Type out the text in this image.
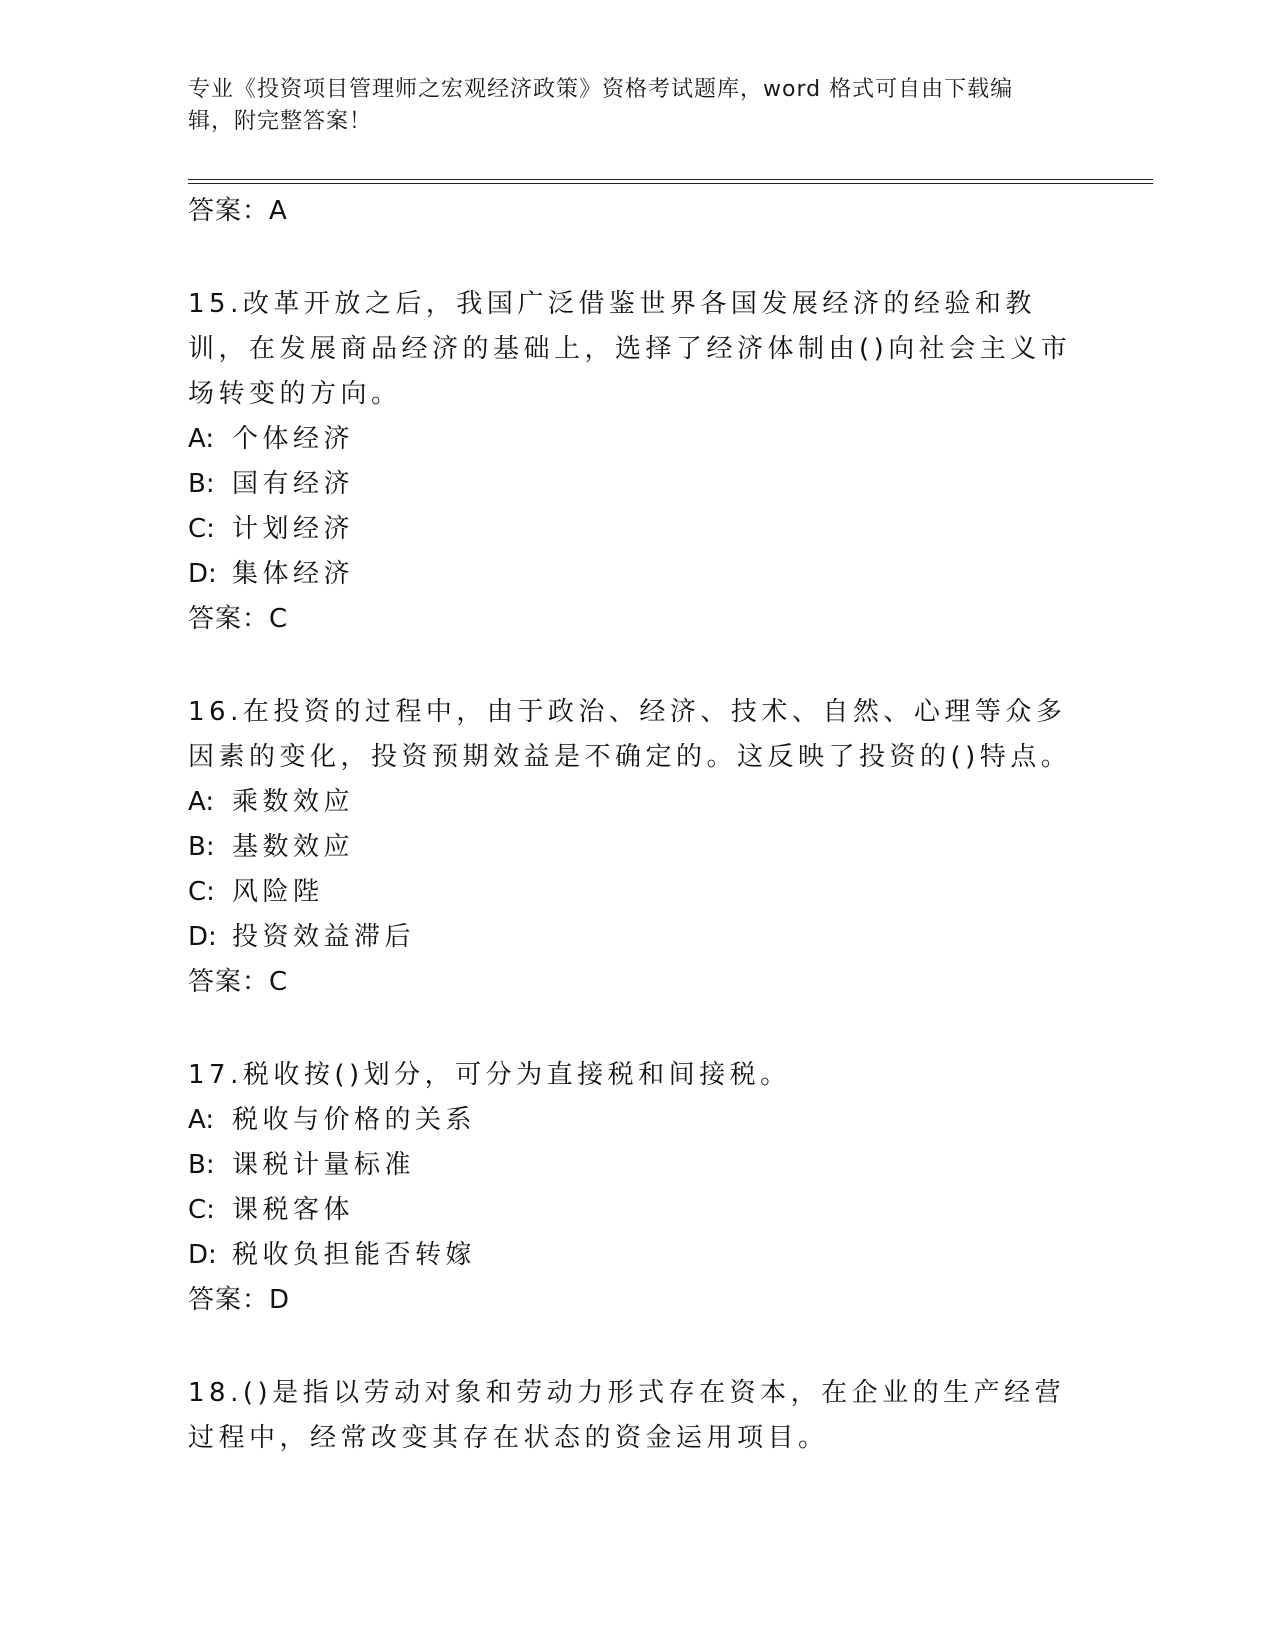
专业《投资项目管理师之宏观经济政策》资格考试题库，word 格式可自由下载编
辑，附完整答案！
答案：A
15.改革开放之后，我国广泛借鉴世界各国发展经济的经验和教训，在发展商品经济的基础上，选择了经济体制由()向社会主义市场转变的方向。
A: 个体经济
B: 国有经济
C: 计划经济
D: 集体经济
答案：C
16.在投资的过程中，由于政治、经济、技术、自然、心理等众多因素的变化，投资预期效益是不确定的。这反映了投资的()特点。
A: 乘数效应
B: 基数效应
C: 风险陛
D: 投资效益滞后
答案：C
17.税收按()划分，可分为直接税和间接税。
A: 税收与价格的关系
B: 课税计量标准
C: 课税客体
D: 税收负担能否转嫁
答案：D
18.()是指以劳动对象和劳动力形式存在资本，在企业的生产经营过程中，经常改变其存在状态的资金运用项目。
